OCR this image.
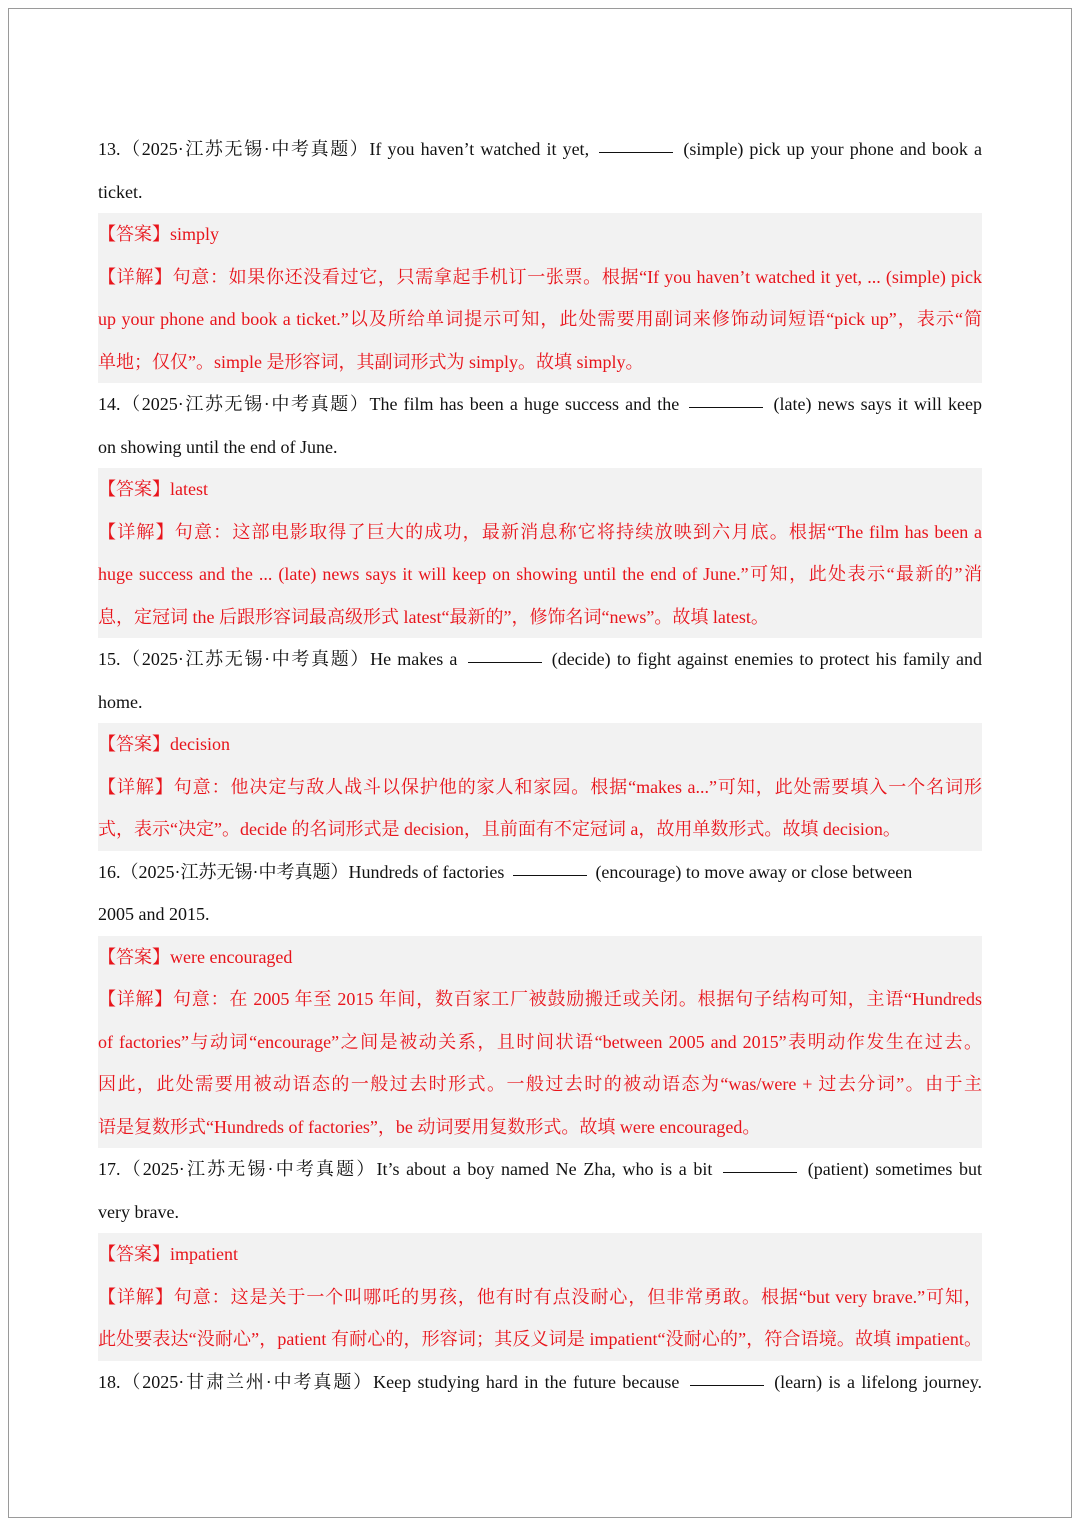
13.（2025·江苏无锡·中考真题）If you haven’t watched it yet,	(simple) pick up your phone and book a
ticket.
【答案】simply
【详解】句意：如果你还没看过它，只需拿起手机订一张票。根据“If you haven’t watched it yet, ... (simple) pick
up your phone and book a ticket.”以及所给单词提示可知，此处需要用副词来修饰动词短语“pick up”，表示“简
单地；仅仅”。simple 是形容词，其副词形式为 simply。故填 simply。
14.（2025·江苏无锡·中考真题）The film has been a huge success and the	(late) news says it will keep
on showing until the end of June.
【答案】latest
【详解】句意：这部电影取得了巨大的成功，最新消息称它将持续放映到六月底。根据“The film has been a
huge success and the ... (late) news says it will keep on showing until the end of June.”可知，此处表示“最新的”消
息，定冠词 the 后跟形容词最高级形式 latest“最新的”，修饰名词“news”。故填 latest。
15.（2025·江苏无锡·中考真题）He makes a	(decide) to fight against enemies to protect his family and
home.
【答案】decision
【详解】句意：他决定与敌人战斗以保护他的家人和家园。根据“makes a...”可知，此处需要填入一个名词形
式，表示“决定”。decide 的名词形式是 decision，且前面有不定冠词 a，故用单数形式。故填 decision。
16.（2025·江苏无锡·中考真题）Hundreds of factories	(encourage) to move away or close between
2005 and 2015.
【答案】were encouraged
【详解】句意：在 2005 年至 2015 年间，数百家工厂被鼓励搬迁或关闭。根据句子结构可知，主语“Hundreds
of factories”与动词“encourage”之间是被动关系，且时间状语“between 2005 and 2015”表明动作发生在过去。
因此，此处需要用被动语态的一般过去时形式。一般过去时的被动语态为“was/were + 过去分词”。由于主
语是复数形式“Hundreds of factories”，be 动词要用复数形式。故填 were encouraged。
17.（2025·江苏无锡·中考真题）It’s about a boy named Ne Zha, who is a bit	(patient) sometimes but
very brave.
【答案】impatient
【详解】句意：这是关于一个叫哪吒的男孩，他有时有点没耐心，但非常勇敢。根据“but very brave.”可知，
此处要表达“没耐心”，patient 有耐心的，形容词；其反义词是 impatient“没耐心的”，符合语境。故填 impatient。
18.（2025·甘肃兰州·中考真题）Keep studying hard in the future because	(learn) is a lifelong journey.
